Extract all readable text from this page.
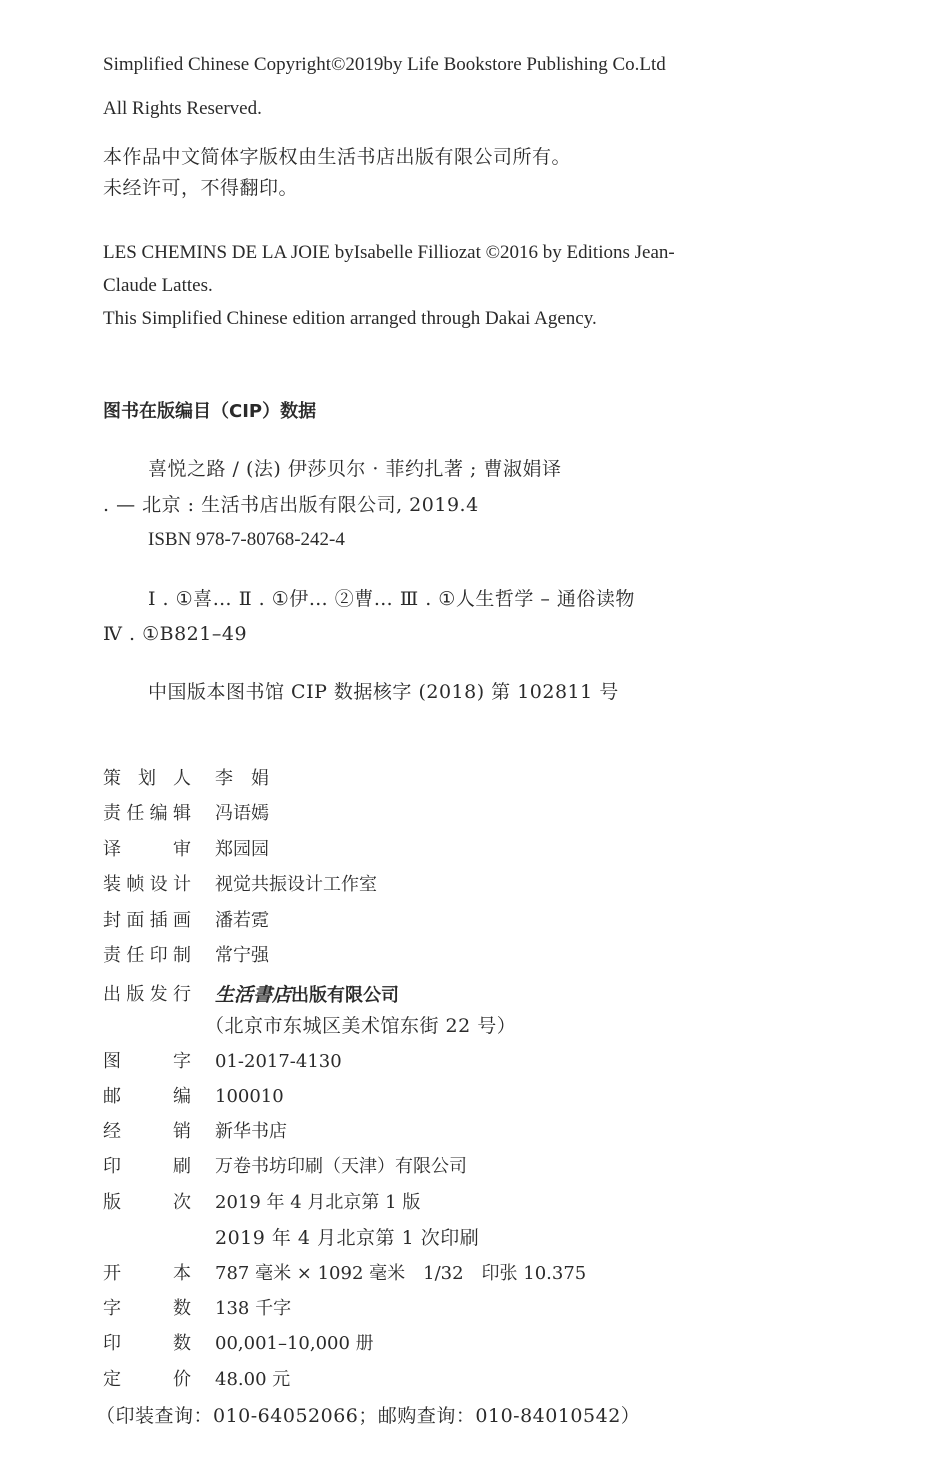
Simplified Chinese Copyright©2019by Life Bookstore Publishing Co.Ltd
All Rights Reserved.
本作品中文简体字版权由生活书店出版有限公司所有。
未经许可，不得翻印。
LES CHEMINS DE LA JOIE byIsabelle Filliozat ©2016 by Editions Jean-
Claude Lattes.
This Simplified Chinese edition arranged through Dakai Agency.
图书在版编目（CIP）数据
喜悦之路 / (法) 伊莎贝尔 · 菲约扎著 ; 曹淑娟译
. — 北京 : 生活书店出版有限公司, 2019.4
ISBN 978-7-80768-242-4
Ⅰ . ①喜… Ⅱ . ①伊… ②曹… Ⅲ . ①人生哲学 – 通俗读物
Ⅳ . ①B821–49
中国版本图书馆 CIP 数据核字 (2018) 第 102811 号
策划人 李　娟
责任编辑 冯语嫣
译审 郑园园
装帧设计 视觉共振设计工作室
封面插画 潘若霓
责任印制 常宁强
出版发行 生活書店出版有限公司
（北京市东城区美术馆东街 22 号）
图字 01-2017-4130
邮编 100010
经销 新华书店
印刷 万卷书坊印刷（天津）有限公司
版次 2019 年 4 月北京第 1 版
2019 年 4 月北京第 1 次印刷
开本 787 毫米 × 1092 毫米　1/32　印张 10.375
字数 138 千字
印数 00,001–10,000 册
定价 48.00 元
（印装查询：010-64052066；邮购查询：010-84010542）
